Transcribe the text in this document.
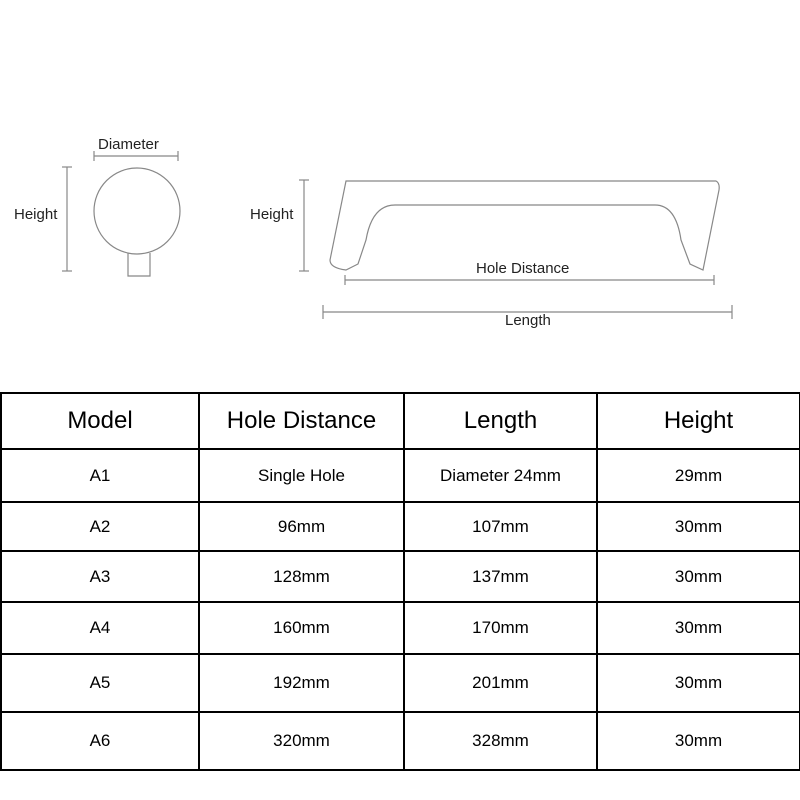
Diameter
Height	Height
Hole Distance
Length
Model	Hole Distance	Length	Height
A1	Single Hole	Diameter 24mm	29mm
A2	96mm	107mm	30mm
A3	128mm	137mm	30mm
A4	160mm	170mm	30mm
A5	192mm	201mm	30mm
A6	320mm	328mm	30mm
